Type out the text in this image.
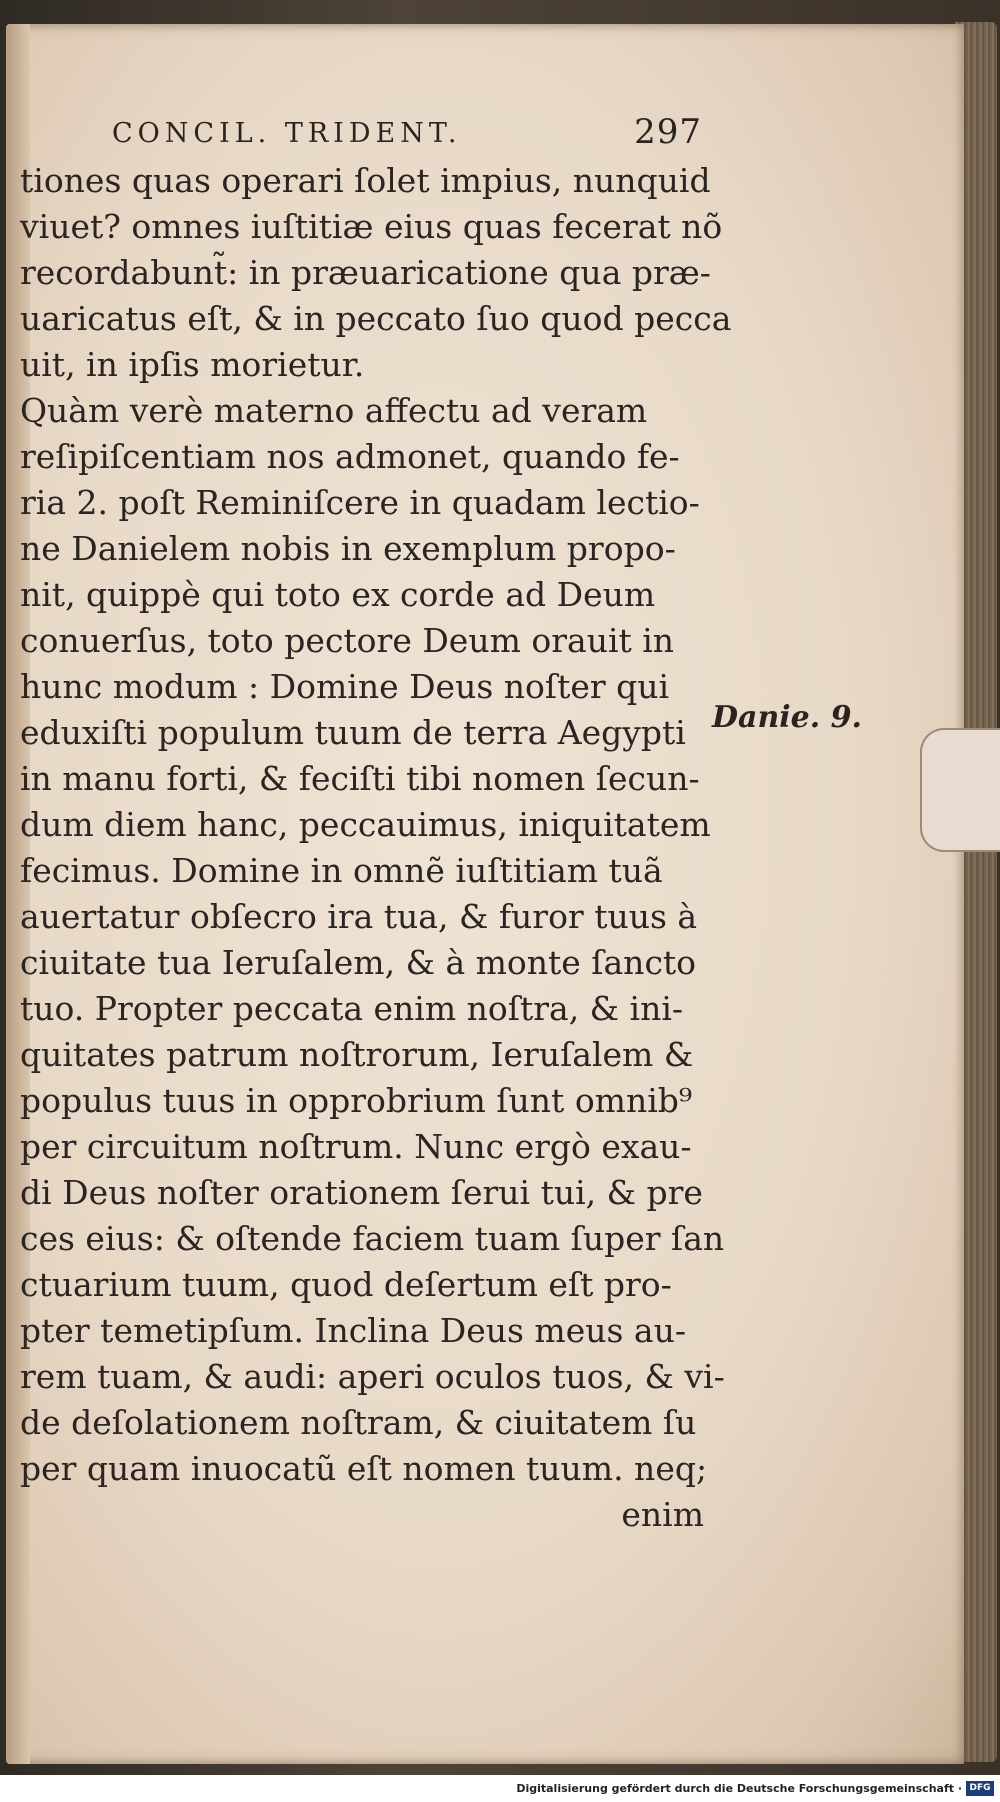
CONCIL. TRIDENT.	297
tiones quas operari ſolet impius, nunquid
viuet? omnes iuſtitiæ eius quas fecerat nõ
recordabunt̃: in præuaricatione qua præ-
uaricatus eſt, & in peccato ſuo quod pecca
uit, in ipſis morietur.
Quàm verè materno affectu ad veram
reſipiſcentiam nos admonet, quando fe-
ria 2. poſt Reminiſcere in quadam lectio-
ne Danielem nobis in exemplum propo-
nit, quippè qui toto ex corde ad Deum
conuerſus, toto pectore Deum orauit in
hunc modum : Domine Deus noſter qui
eduxiſti populum tuum de terra Aegypti
in manu forti, & feciſti tibi nomen ſecun-
dum diem hanc, peccauimus, iniquitatem
fecimus. Domine in omnẽ iuſtitiam tuã
auertatur obſecro ira tua, & furor tuus à
ciuitate tua Ieruſalem, & à monte ſancto
tuo. Propter peccata enim noſtra, & ini-
quitates patrum noſtrorum, Ieruſalem &
populus tuus in opprobrium ſunt omnib⁹
per circuitum noſtrum. Nunc ergò exau-
di Deus noſter orationem ſerui tui, & pre
ces eius: & oſtende faciem tuam ſuper ſan
ctuarium tuum, quod deſertum eſt pro-
pter temetipſum. Inclina Deus meus au-
rem tuam, & audi: aperi oculos tuos, & vi-
de deſolationem noſtram, & ciuitatem ſu
per quam inuocatũ eſt nomen tuum. neq;
enim
Danie. 9.
Digitalisierung gefördert durch die Deutsche Forschungsgemeinschaft · DFG
